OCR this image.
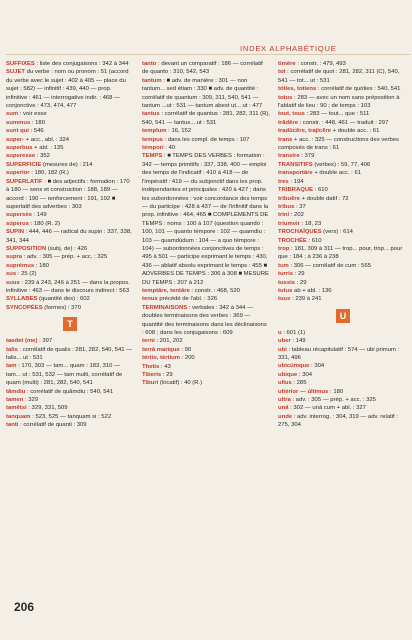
INDEX ALPHABÉTIQUE
SUFFIXES : liste des conjugaisons : 342 à 344
SUJET du verbe : nom ou pronom : 51 (accord du verbe avec le sujet : 402 à 405 — place du sujet : 582) — infinitif : 439, 440 — prop. infinitive : 461 — interrogative indir. : 468 — conjonctive : 473, 474, 477
sum : voir esse
summus : 180
sunt qui : 546
super- + acc., abl. : 324
superbus + abl. : 135
superesse : 352
SUPERFICIE (mesures de) : 214
superior : 180, 182 (R.)
SUPERLATIF : ■ des adjectifs : formation : 170 à 180 — sens et construction : 188, 189 — accord : 190 — renforcement : 191, 192 ■ superlatif des adverbes : 303
supersès : 149
súperus : 180 (R. 2)
SUPIN : 444, 446 — radical du supin : 337, 338, 341, 344
SUPPOSITION (subj. de) : 426
supra : adv. : 305 — prép. + acc. : 325
suprémus : 180
sus : 25 (2)
suus : 239 à 243, 246 à 251 — dans la propos. infinitive : 463 — dans le discours indirect : 563
SYLLABES (quantité des) : 602
SYNCOPÉES (formes) : 370
T
taedet (me) : 397
talis : corrélatif de qualis : 281, 282, 540, 541 — talis... ut : 531
tam : 170, 303 — tam... quam : 183, 310 — tam... ut : 531, 532 — tam multi, corrélatif de quam (multi) : 281, 282, 540, 541
tămdiu : corrélatif de quămdiu : 540, 541
tamen : 329
tamětsi : 329, 331, 509
tanquam : 523, 525 — tanquam si : 522
tanti : corrélatif de quanti : 309
tanto : devant un comparatif : 186 — corrélatif de quanto : 310, 542, 543
tantum : ■ adv. de manière : 301 — non tantum... sed étiam : 330 ■ adv. de quantité : corrélatif de quantum : 309, 311, 540, 541 — tantum ...ut : 531 — tantum abest ut... ut : 477
tantus : corrélatif de quantus : 281, 282, 311 (R), 540, 541 — tantus... ut : 531
templum : 16, 152
tempus : dans les compl. de temps : 107
témpori : 40
TEMPS : ■ TEMPS DES VERBES : formation : 342 — temps primitifs : 337, 338, 400 — emploi des temps de l'indicatif : 410 à 418 — de l'impératif : 419 — du subjonctif dans les prop. indépendantes et principales : 420 à 427 ; dans les subordonnées : voir concordance des temps — du participe : 428 à 437 — de l'infinitif dans la prop. infinitive : 464, 465 ■ COMPLÉMENTS DE TEMPS : noms : 100 à 107 (question quando : 100, 101 — quanto témpore : 102 — quamdiu : 103 — quamdúdum : 104 — a quo témpore : 104) — subordonnées conjonctives de temps : 495 à 501 — participe exprimant le temps : 430, 436 — ablatif absolu exprimant le temps : 455 ■ ADVERBES DE TEMPS : 306 à 308 ■ MESURE DU TEMPS : 207 à 212
temptāre, tentāre : constr. : 468, 520
tenus précédé de l'abl. : 326
TERMINAISONS : verbales : 342 à 344 — doubles terminaisons des verbes : 369 — quantité des terminaisons dans les déclinaisons : 608 ; dans les conjugaisons : 609
terni : 201, 202
terrā marique : 90
tértio, tértium : 200
Thetis : 43
Tiberis : 29
Tiburi (locatif) : 40 (R.)
timēre : constr. : 479, 493
tot : corrélatif de quot : 281, 282, 311 (C), 540, 541 — tot... ut : 531
tóties, totiens : corrélatif de quóties : 540, 541
totus : 283 — avec un nom sans préposition à l'ablatif de lieu : 90 ; de temps : 103
tout, tous : 283 — tout... que : 511
trădēre : constr. : 448, 461 — traduit : 297
tradūcĕre, trajicĕre + double acc. : 61
trans + acc. : 325 — constructions des verbes composés de trans : 61
transire : 379
TRANSITIFS (verbes) : 59, 77, 406
transportāre + double acc. : 61
tres : 194
TRIBRAQUE : 610
tribuĕre + double datif : 72
tribus : 37
trini : 202
triumvir : 18, 23
TROCHAÏQUES (vers) : 614
TROCHÉE : 610
trop : 181, 309 à 311 — trop... pour, trop... pour que : 184 ; à 236 à 238
tum : 306 — corrélatif de cum : 565
turris : 29
tussis : 29
tutus ab + abl. : 136
tuus : 239 à 241
U
u : 601 (1)
uber : 149
ubi : tableau récapitulatif : 574 — ubi primum : 331, 496
ubicúmque : 304
ubique : 304
ullus : 285
ultérior — últimus : 180
ultra : adv. : 305 — prép. + acc. : 325
unā : 302 — unā cum + abl. : 327
unde : adv. interrog. : 304, 319 — adv. relatif : 275, 304
206
